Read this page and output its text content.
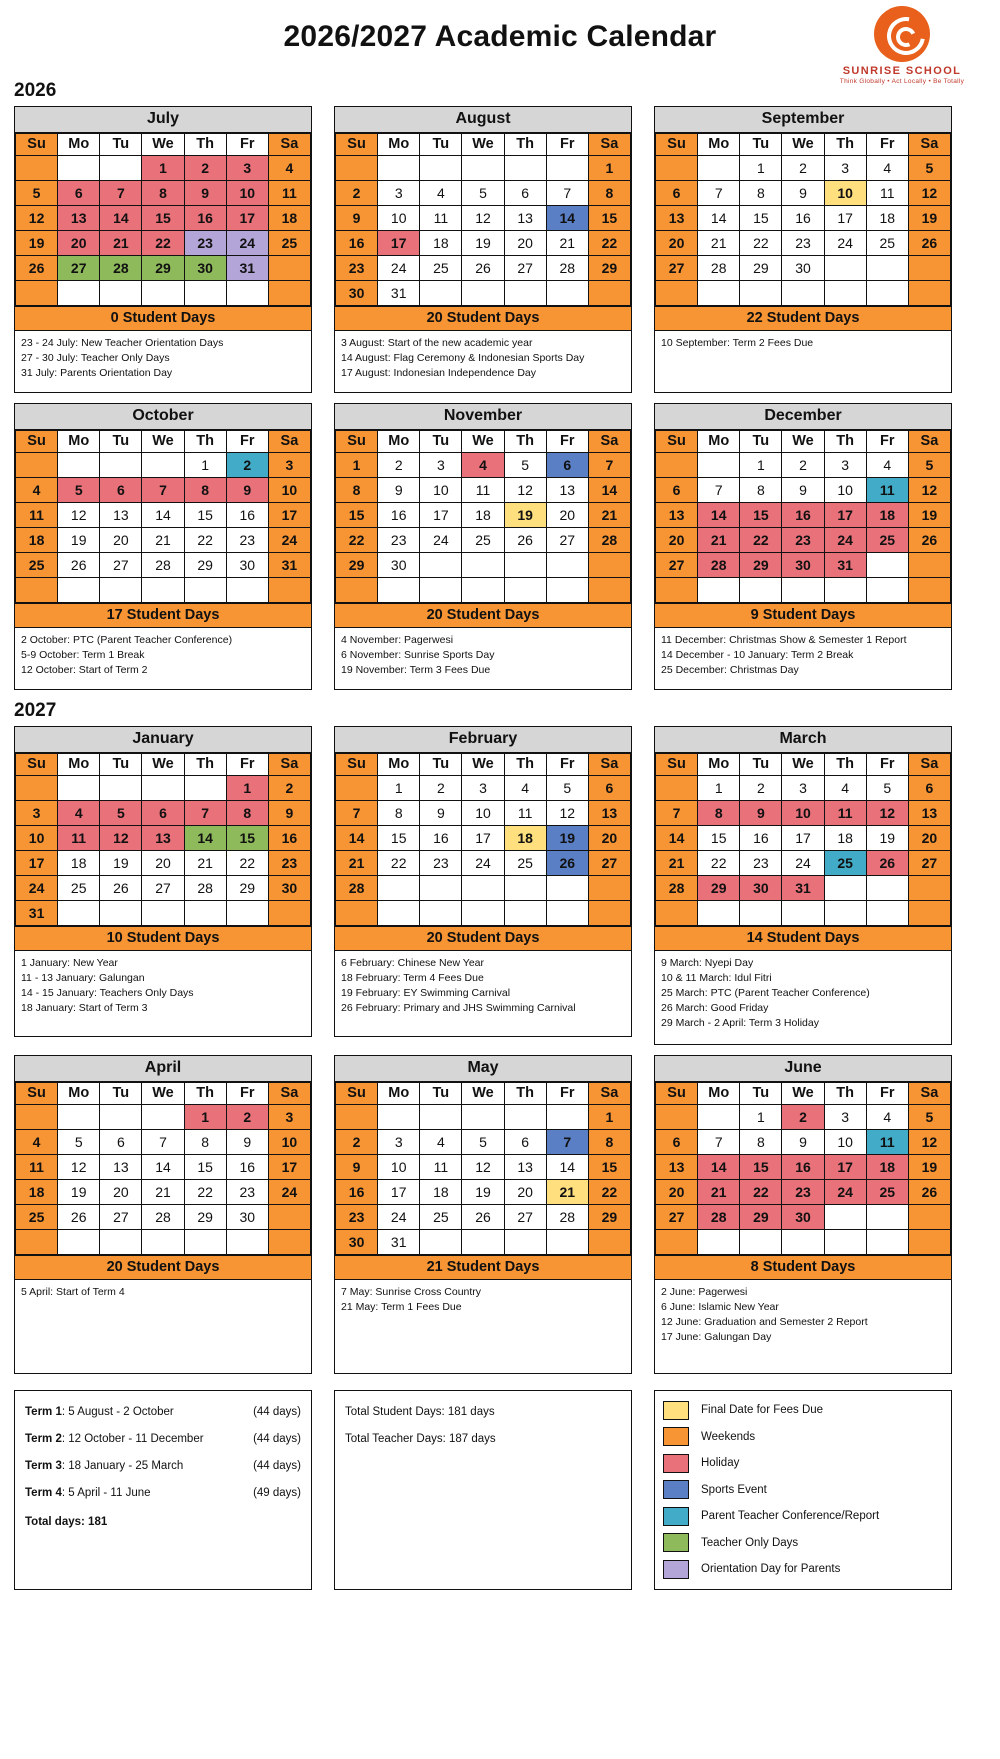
2026/2027 Academic Calendar
SUNRISE SCHOOL
Think Globally • Act Locally • Be Totally
2026
July
Su	Mo	Tu	We	Th	Fr	Sa
			1	2	3	4
5	6	7	8	9	10	11
12	13	14	15	16	17	18
19	20	21	22	23	24	25
26	27	28	29	30	31	

0 Student Days
23 - 24 July: New Teacher Orientation Days
27 - 30 July: Teacher Only Days
31 July: Parents Orientation Day
August
Su	Mo	Tu	We	Th	Fr	Sa
						1
2	3	4	5	6	7	8
9	10	11	12	13	14	15
16	17	18	19	20	21	22
23	24	25	26	27	28	29
30	31					
20 Student Days
3 August: Start of the new academic year
14 August: Flag Ceremony & Indonesian Sports Day
17 August: Indonesian Independence Day
September
Su	Mo	Tu	We	Th	Fr	Sa
		1	2	3	4	5
6	7	8	9	10	11	12
13	14	15	16	17	18	19
20	21	22	23	24	25	26
27	28	29	30			

22 Student Days
10 September: Term 2 Fees Due
October
Su	Mo	Tu	We	Th	Fr	Sa
				1	2	3
4	5	6	7	8	9	10
11	12	13	14	15	16	17
18	19	20	21	22	23	24
25	26	27	28	29	30	31

17 Student Days
2 October: PTC (Parent Teacher Conference)
5-9 October: Term 1 Break
12 October: Start of Term 2
November
Su	Mo	Tu	We	Th	Fr	Sa
1	2	3	4	5	6	7
8	9	10	11	12	13	14
15	16	17	18	19	20	21
22	23	24	25	26	27	28
29	30					

20 Student Days
4 November: Pagerwesi
6 November: Sunrise Sports Day
19 November: Term 3 Fees Due
December
Su	Mo	Tu	We	Th	Fr	Sa
		1	2	3	4	5
6	7	8	9	10	11	12
13	14	15	16	17	18	19
20	21	22	23	24	25	26
27	28	29	30	31		

9 Student Days
11 December: Christmas Show & Semester 1 Report
14 December - 10 January: Term 2 Break
25 December: Christmas Day
2027
January
Su	Mo	Tu	We	Th	Fr	Sa
					1	2
3	4	5	6	7	8	9
10	11	12	13	14	15	16
17	18	19	20	21	22	23
24	25	26	27	28	29	30
31						
10 Student Days
1 January: New Year
11 - 13 January: Galungan
14 - 15 January: Teachers Only Days
18 January: Start of Term 3
February
Su	Mo	Tu	We	Th	Fr	Sa
	1	2	3	4	5	6
7	8	9	10	11	12	13
14	15	16	17	18	19	20
21	22	23	24	25	26	27
28						

20 Student Days
6 February: Chinese New Year
18 February: Term 4 Fees Due
19 February: EY Swimming Carnival
26 February: Primary and JHS Swimming Carnival
March
Su	Mo	Tu	We	Th	Fr	Sa
	1	2	3	4	5	6
7	8	9	10	11	12	13
14	15	16	17	18	19	20
21	22	23	24	25	26	27
28	29	30	31			

14 Student Days
9 March: Nyepi Day
10 & 11 March: Idul Fitri
25 March: PTC (Parent Teacher Conference)
26 March: Good Friday
29 March - 2 April: Term 3 Holiday
April
Su	Mo	Tu	We	Th	Fr	Sa
				1	2	3
4	5	6	7	8	9	10
11	12	13	14	15	16	17
18	19	20	21	22	23	24
25	26	27	28	29	30	

20 Student Days
5 April: Start of Term 4
May
Su	Mo	Tu	We	Th	Fr	Sa
						1
2	3	4	5	6	7	8
9	10	11	12	13	14	15
16	17	18	19	20	21	22
23	24	25	26	27	28	29
30	31					
21 Student Days
7 May: Sunrise Cross Country
21 May: Term 1 Fees Due
June
Su	Mo	Tu	We	Th	Fr	Sa
		1	2	3	4	5
6	7	8	9	10	11	12
13	14	15	16	17	18	19
20	21	22	23	24	25	26
27	28	29	30			

8 Student Days
2 June: Pagerwesi
6 June: Islamic New Year
12 June: Graduation and Semester 2 Report
17 June: Galungan Day
Term 1: 5 August - 2 October	(44 days)
Term 2: 12 October - 11 December	(44 days)
Term 3: 18 January - 25 March	(44 days)
Term 4: 5 April - 11 June	(49 days)
Total days: 181
Total Student Days: 181 days
Total Teacher Days: 187 days
Final Date for Fees Due
Weekends
Holiday
Sports Event
Parent Teacher Conference/Report
Teacher Only Days
Orientation Day for Parents
